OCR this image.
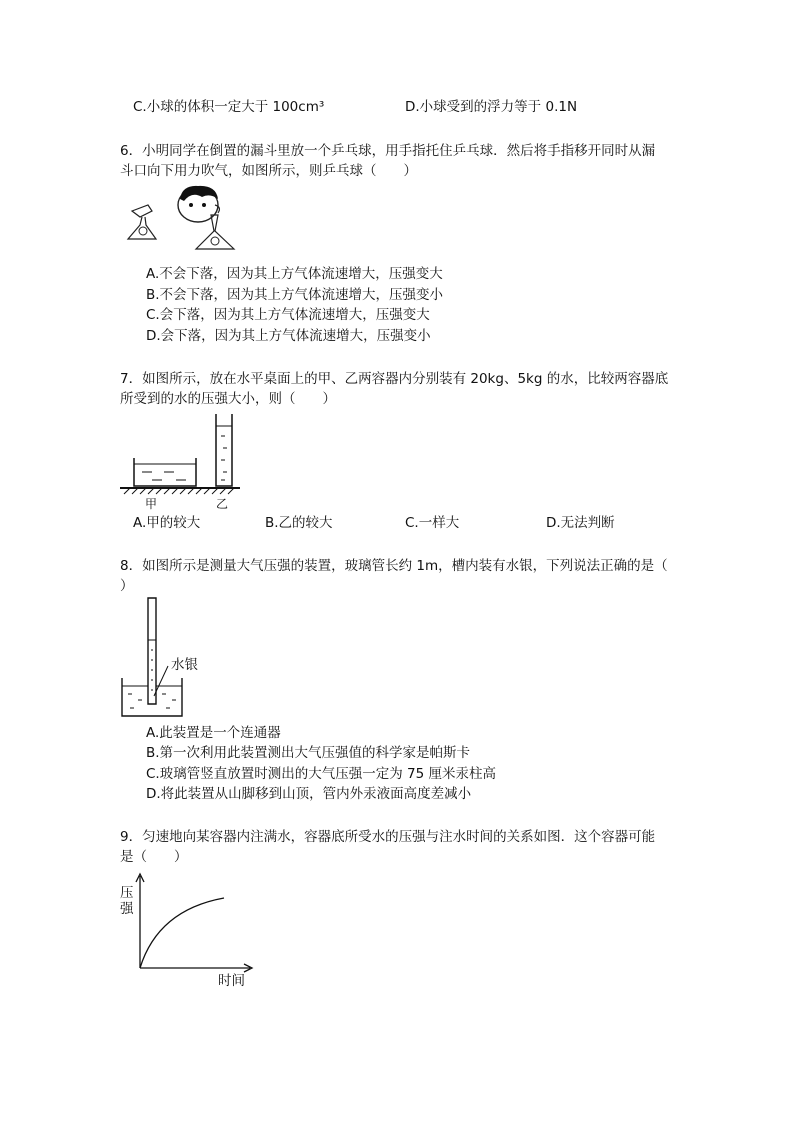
C.小球的体积一定大于 100cm³	D.小球受到的浮力等于 0.1N
6．小明同学在倒置的漏斗里放一个乒乓球，用手指托住乒乓球．然后将手指移开同时从漏
斗口向下用力吹气，如图所示，则乒乓球（　　）
A.不会下落，因为其上方气体流速增大，压强变大
B.不会下落，因为其上方气体流速增大，压强变小
C.会下落，因为其上方气体流速增大，压强变大
D.会下落，因为其上方气体流速增大，压强变小
7．如图所示，放在水平桌面上的甲、乙两容器内分别装有 20kg、5kg 的水，比较两容器底
所受到的水的压强大小，则（　　）
甲	乙
A.甲的较大	B.乙的较大	C.一样大	D.无法判断
8．如图所示是测量大气压强的装置，玻璃管长约 1m，槽内装有水银，下列说法正确的是（
）
水银
A.此装置是一个连通器
B.第一次利用此装置测出大气压强值的科学家是帕斯卡
C.玻璃管竖直放置时测出的大气压强一定为 75 厘米汞柱高
D.将此装置从山脚移到山顶，管内外汞液面高度差减小
9．匀速地向某容器内注满水，容器底所受水的压强与注水时间的关系如图．这个容器可能
是（　　）
压
强
时间
